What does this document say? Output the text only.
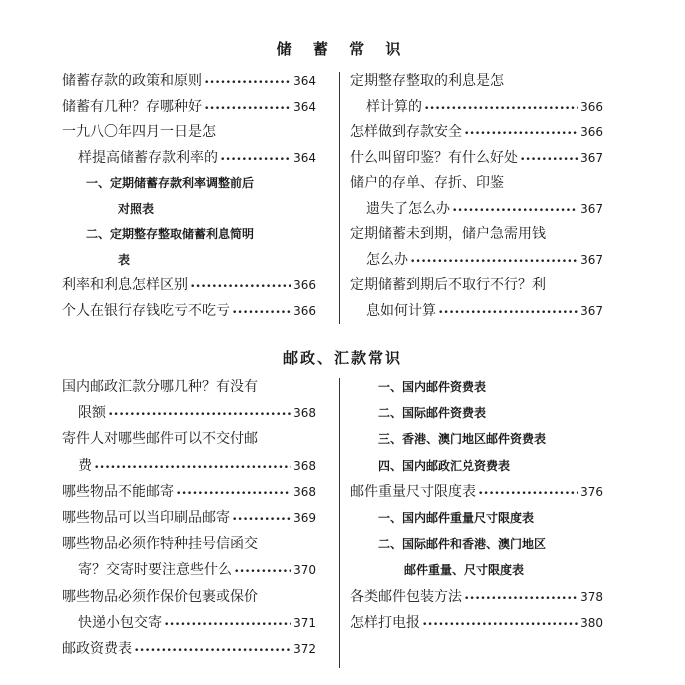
储 蓄 常 识
邮政、汇款常识
储蓄存款的政策和原则 •••••	364
储蓄有几种？存哪种好 •••••	364
一九八〇年四月一日是怎
样提高储蓄存款利率的 •••••	364
一、定期储蓄存款利率调整前后
对照表
二、定期整存整取储蓄利息简明
表
利率和利息怎样区别 •••••	366
个人在银行存钱吃亏不吃亏 •••••	366
定期整存整取的利息是怎
样计算的 •••••	366
怎样做到存款安全 •••••	366
什么叫留印鉴？有什么好处 •••••	367
储户的存单、存折、印鉴
遗失了怎么办 •••••	367
定期储蓄未到期，储户急需用钱
怎么办 •••••	367
定期储蓄到期后不取行不行？利
息如何计算 •••••	367
国内邮政汇款分哪几种？有没有
限额 •••••	368
寄件人对哪些邮件可以不交付邮
费 •••••	368
哪些物品不能邮寄 •••••	368
哪些物品可以当印刷品邮寄 •••••	369
哪些物品必须作特种挂号信函交
寄？交寄时要注意些什么 •••••	370
哪些物品必须作保价包裹或保价
快递小包交寄 •••••	371
邮政资费表 •••••	372
一、国内邮件资费表
二、国际邮件资费表
三、香港、澳门地区邮件资费表
四、国内邮政汇兑资费表
邮件重量尺寸限度表 •••••	376
一、国内邮件重量尺寸限度表
二、国际邮件和香港、澳门地区
邮件重量、尺寸限度表
各类邮件包装方法 •••••	378
怎样打电报 •••••	380
